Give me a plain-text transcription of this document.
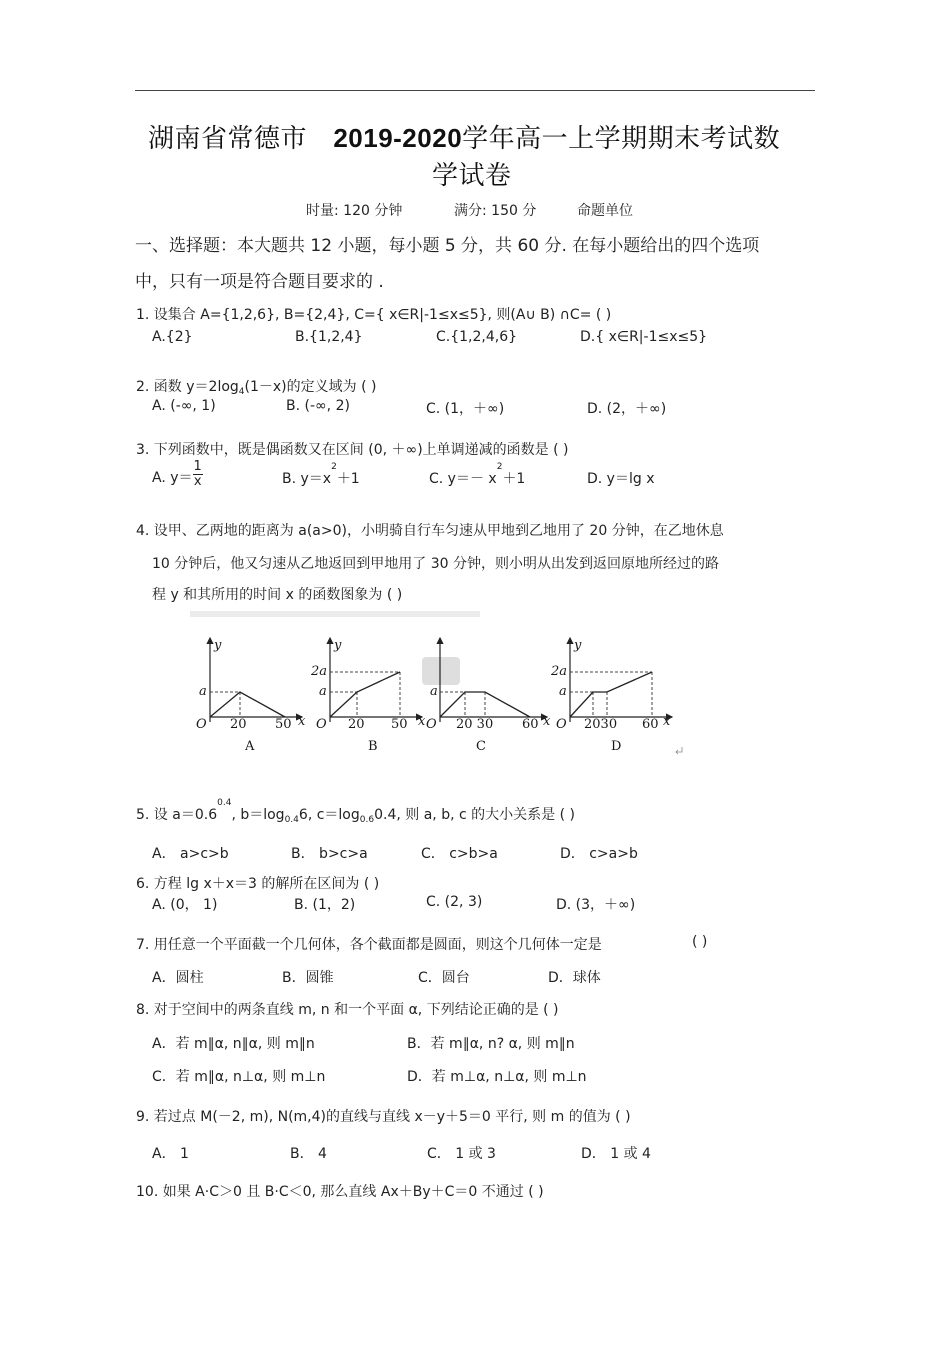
湖南省常德市 2019-2020学年高一上学期期末考试数
学试卷
时量: 120 分钟	满分: 150 分	命题单位
一、选择题：本大题共 12 小题，每小题 5 分，共 60 分. 在每小题给出的四个选项
中，只有一项是符合题目要求的 .
1. 设集合 A={1,2,6}, B={2,4}, C={ x∈R|-1≤x≤5}, 则(A∪ B) ∩C= ( )
A.{2}	B.{1,2,4}	C.{1,2,4,6}	D.{ x∈R|-1≤x≤5}
2. 函数 $y=2\log_4(1-x)$的定义域为 ( )
A. (-∞, 1)	B. (-∞, 2)	C. (1，＋∞)	D. (2，＋∞)
3. 下列函数中，既是偶函数又在区间 (0, ＋∞)上单调递减的函数是 ( )
A. $y= \frac{1}{x}$	B. $y=x^2+1$	C. $y=- x^2+1$	D. y＝lg x
4. 设甲、乙两地的距离为 a(a>0)，小明骑自行车匀速从甲地到乙地用了 20 分钟，在乙地休息
10 分钟后，他又匀速从乙地返回到甲地用了 30 分钟，则小明从出发到返回原地所经过的路
程 y 和其所用的时间 x 的函数图象为 ( )
y
a
O 20 50 x
A
y
2a
a
O 20 50 x
B
a
O 20 30 60 x
C
y
2a
a
O 2030 60 x
D
5. 设 $a=0.6^{0.4}$, $b=\log_{0.4}6$, $c=\log_{0.6}0.4$, 则 a, b, c 的大小关系是 ( )
A． a>c>b	B． b>c>a	C． c>b>a	D． c>a>b
6. 方程 lg x＋x＝3 的解所在区间为 ( )
A. (0， 1)	B. (1，2)	C. (2, 3)	D. (3，＋∞)
7. 用任意一个平面截一个几何体，各个截面都是圆面，则这个几何体一定是	( )
A．圆柱	B．圆锥	C．圆台	D．球体
8. 对于空间中的两条直线 m, n 和一个平面 α, 下列结论正确的是 ( )
A．若 m∥α, n∥α, 则 m∥n	B．若 m∥α, n? α, 则 m∥n
C．若 m∥α, n⊥α, 则 m⊥n	D．若 m⊥α, n⊥α, 则 m⊥n
9. 若过点 M(－2, m), N(m,4)的直线与直线 x－y＋5＝0 平行, 则 m 的值为 ( )
A． 1	B． 4	C． 1 或 3	D． 1 或 4
10. 如果 A·C＞0 且 B·C＜0, 那么直线 Ax＋By＋C＝0 不通过 ( )
